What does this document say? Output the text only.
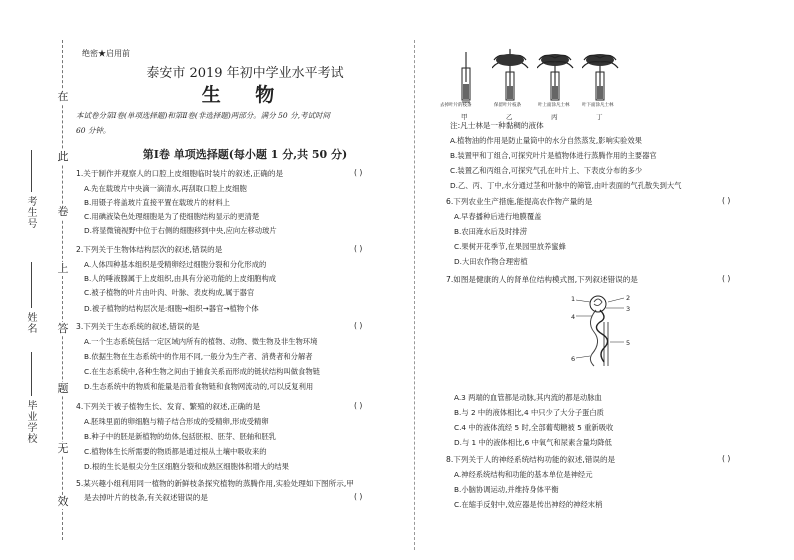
在
此
卷
上
答
题
无
效
考生号
姓名
毕业学校
绝密★启用前
泰安市 2019 年初中学业水平考试
生 物
本试卷分第Ⅰ卷(单项选择题)和第Ⅱ卷(非选择题)两部分。满分 50 分,考试时间
60 分钟。
第Ⅰ卷 单项选择题(每小题 1 分,共 50 分)
1.关于制作并观察人的口腔上皮细胞临时装片的叙述,正确的是	( )
A.先在载玻片中央滴一滴清水,再刮取口腔上皮细胞
B.用镊子将盖玻片直接平置在载玻片的材料上
C.用碘液染色处理细胞是为了使细胞结构显示的更清楚
D.将显微镜视野中位于右侧的细胞移到中央,应向左移动玻片
2.下列关于生物体结构层次的叙述,错误的是	( )
A.人体四种基本组织是受精卵经过细胞分裂和分化形成的
B.人的唾液腺属于上皮组织,由具有分泌功能的上皮细胞构成
C.被子植物的叶片由叶肉、叶脉、表皮构成,属于器官
D.被子植物的结构层次是:细胞→组织→器官→植物个体
3.下列关于生态系统的叙述,错误的是	( )
A.一个生态系统包括一定区域内所有的植物、动物、微生物及非生物环境
B.依据生物在生态系统中的作用不同,一般分为生产者、消费者和分解者
C.在生态系统中,各种生物之间由于捕食关系而形成的链状结构叫做食物链
D.生态系统中的物质和能量是沿着食物链和食物网流动的,可以反复利用
4.下列关于被子植物生长、发育、繁殖的叙述,正确的是	( )
A.胚珠里面的卵细胞与精子结合形成的受精卵,形成受精卵
B.种子中的胚是新植物的幼体,包括胚根、胚芽、胚轴和胚乳
C.植物体生长所需要的物质都是通过根从土壤中吸收来的
D.根的生长是根尖分生区细胞分裂和成熟区细胞体积增大的结果
5.某兴趣小组利用同一植物的新鲜枝条探究植物的蒸腾作用,实验处理如下图所示,甲
是去掉叶片的枝条,有关叙述错误的是	( )
去掉叶片的枝条	保留叶片枝条	叶上面涂凡士林	叶下面涂凡士林
甲	乙	丙	丁
注:凡士林是一种黏稠的液体
A.植物油的作用是防止量筒中的水分自然蒸发,影响实验效果
B.装置甲和丁组合,可探究叶片是植物体进行蒸腾作用的主要器官
C.装置乙和丙组合,可探究气孔在叶片上、下表皮分布的多少
D.乙、丙、丁中,水分通过茎和叶脉中的筛管,由叶表面的气孔散失到大气
6.下列农业生产措施,能提高农作物产量的是	( )
A.早春播种后进行地膜覆盖
B.农田淹水后及时排涝
C.果树开花季节,在果园里放养蜜蜂
D.大田农作物合理密植
7.如图是健康的人的肾单位结构模式图,下列叙述错误的是	( )
1	2
3
4
5
6
A.3 两端的血管都是动脉,其内流的都是动脉血
B.与 2 中的液体相比,4 中只少了大分子蛋白质
C.4 中的液体流经 5 时,全部葡萄糖被 5 重新吸收
D.与 1 中的液体相比,6 中氧气和尿素含量均降低
8.下列关于人的神经系统结构功能的叙述,错误的是	( )
A.神经系统结构和功能的基本单位是神经元
B.小脑协调运动,并维持身体平衡
C.在缩手反射中,效应器是传出神经的神经末梢
